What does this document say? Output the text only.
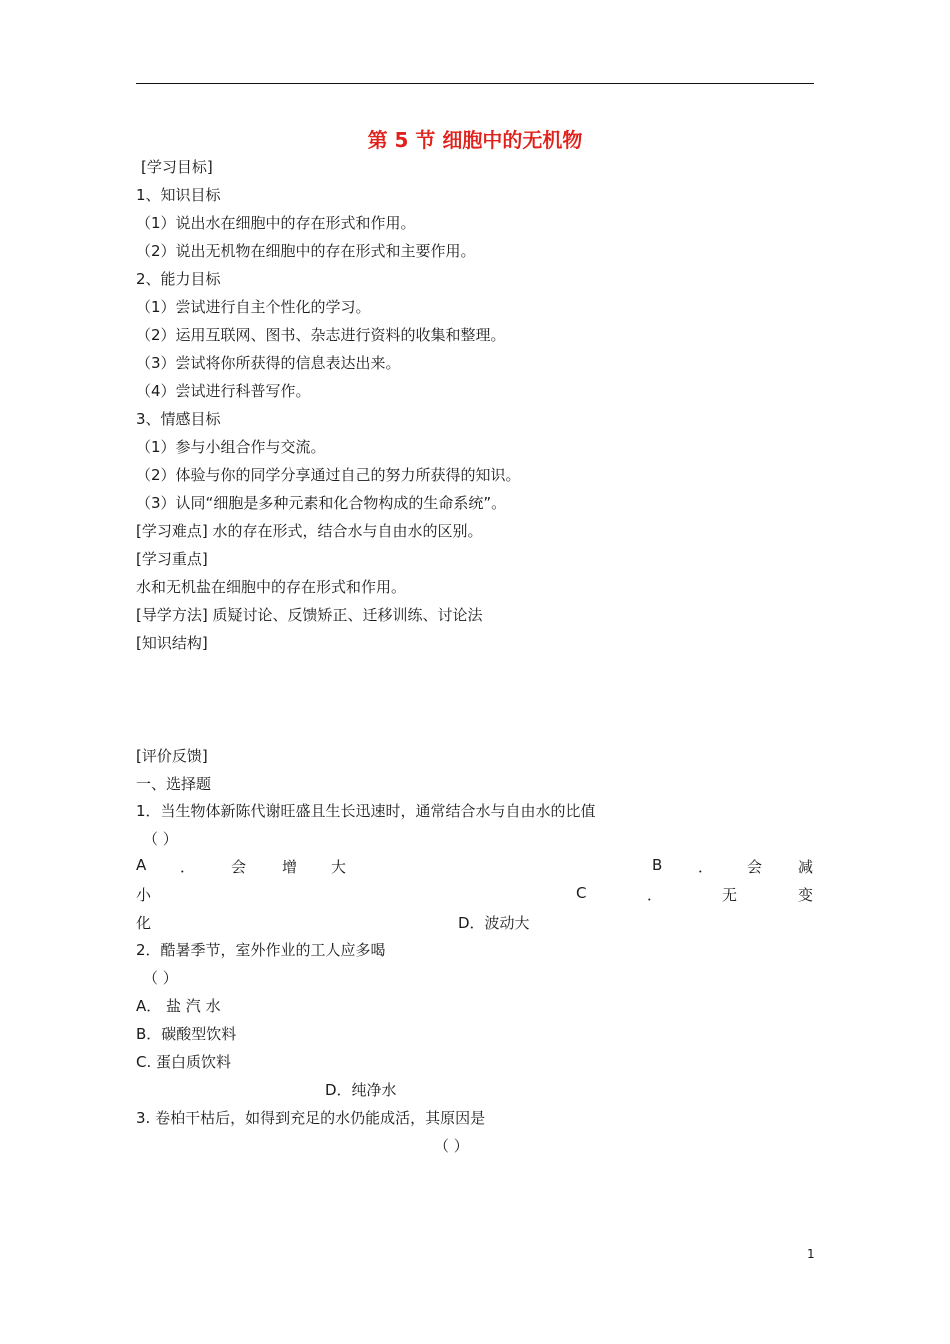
第 5 节 细胞中的无机物
[学习目标]
1、知识目标
（1）说出水在细胞中的存在形式和作用。
（2）说出无机物在细胞中的存在形式和主要作用。
2、能力目标
（1）尝试进行自主个性化的学习。
（2）运用互联网、图书、杂志进行资料的收集和整理。
（3）尝试将你所获得的信息表达出来。
（4）尝试进行科普写作。
3、情感目标
（1）参与小组合作与交流。
（2）体验与你的同学分享通过自己的努力所获得的知识。
（3）认同“细胞是多种元素和化合物构成的生命系统”。
[学习难点] 水的存在形式，结合水与自由水的区别。
[学习重点]
水和无机盐在细胞中的存在形式和作用。
[导学方法] 质疑讨论、反馈矫正、迁移训练、讨论法
[知识结构]
[评价反馈]
一、选择题
1．当生物体新陈代谢旺盛且生长迅速时，通常结合水与自由水的比值
（ ）
A ． 会 增 大	B ． 会 减
小	C	．	无	变
化	D．波动大
2．酷暑季节，室外作业的工人应多喝
（ ）
A． 盐 汽 水
B．碳酸型饮料
C. 蛋白质饮料
D．纯净水
3. 卷柏干枯后，如得到充足的水仍能成活，其原因是
（ ）
1
